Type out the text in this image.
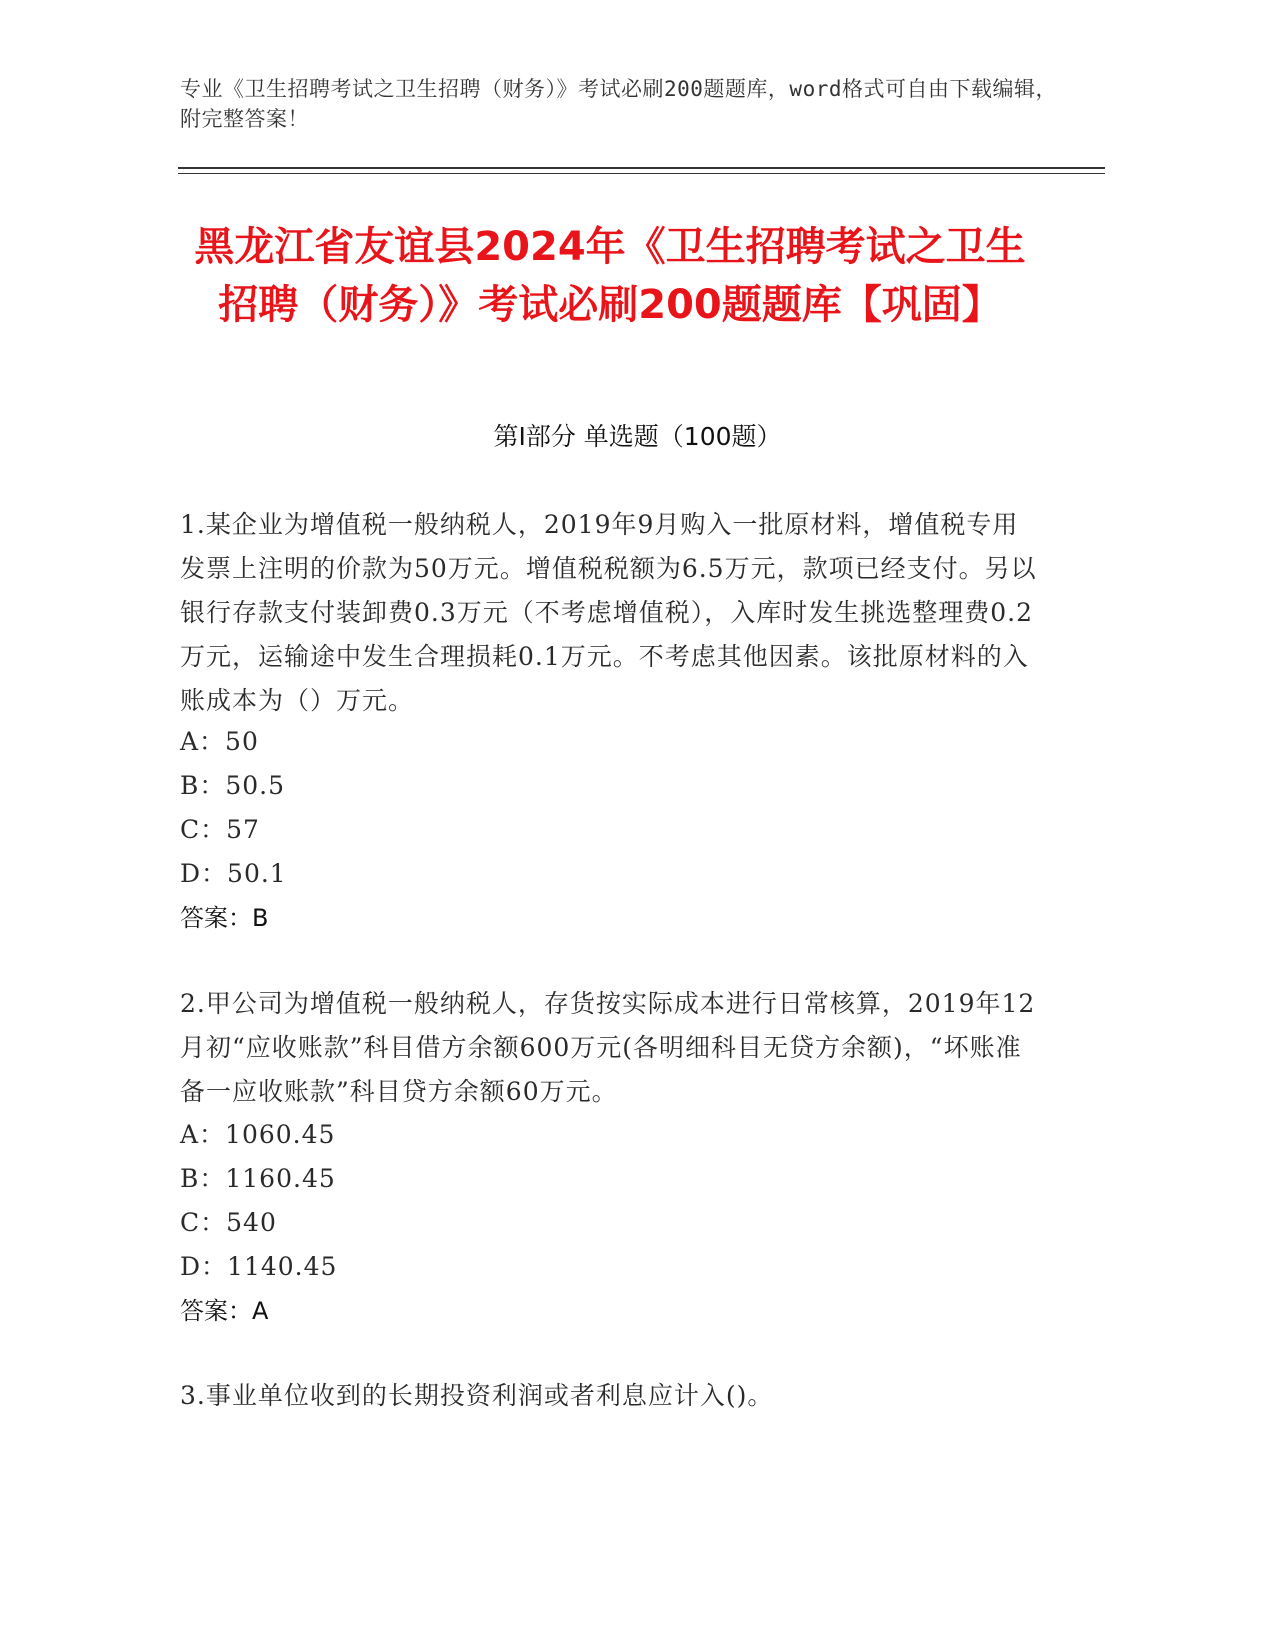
专业《卫生招聘考试之卫生招聘（财务）》考试必刷200题题库，word格式可自由下载编辑，附完整答案！
黑龙江省友谊县2024年《卫生招聘考试之卫生招聘（财务）》考试必刷200题题库【巩固】
第Ⅰ部分 单选题（100题）
1.某企业为增值税一般纳税人，2019年9月购入一批原材料，增值税专用发票上注明的价款为50万元。增值税税额为6.5万元，款项已经支付。另以银行存款支付装卸费0.3万元（不考虑增值税），入库时发生挑选整理费0.2万元，运输途中发生合理损耗0.1万元。不考虑其他因素。该批原材料的入账成本为（）万元。
A：50
B：50.5
C：57
D：50.1
答案：B
2.甲公司为增值税一般纳税人，存货按实际成本进行日常核算，2019年12月初“应收账款”科目借方余额600万元(各明细科目无贷方余额)，“坏账准备一应收账款”科目贷方余额60万元。
A：1060.45
B：1160.45
C：540
D：1140.45
答案：A
3.事业单位收到的长期投资利润或者利息应计入()。
